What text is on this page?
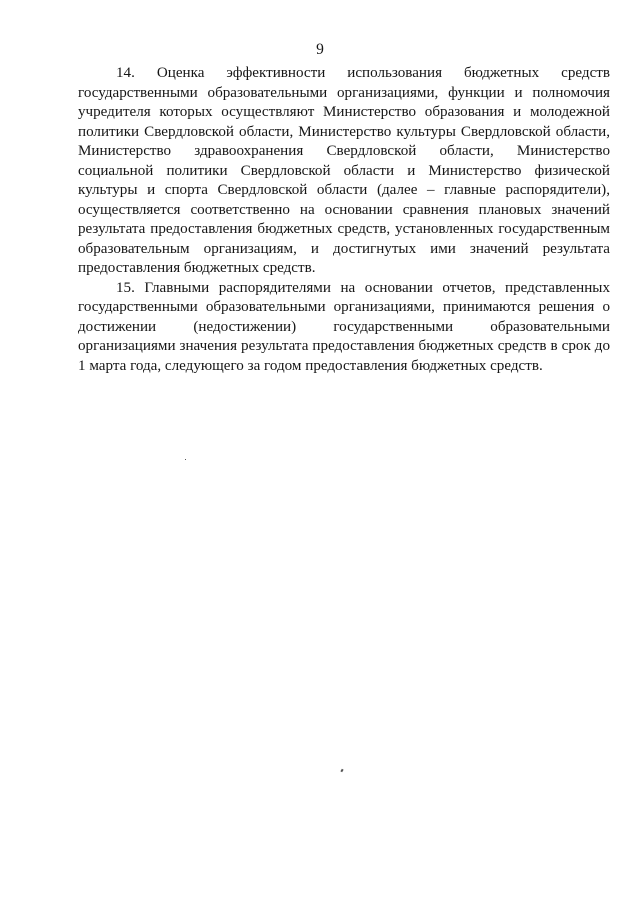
9

14. Оценка эффективности использования бюджетных средств государственными образовательными организациями, функции и полномочия учредителя которых осуществляют Министерство образования и молодежной политики Свердловской области, Министерство культуры Свердловской области, Министерство здравоохранения Свердловской области, Министерство социальной политики Свердловской области и Министерство физической культуры и спорта Свердловской области (далее – главные распорядители), осуществляется соответственно на основании сравнения плановых значений результата предоставления бюджетных средств, установленных государственным образовательным организациям, и достигнутых ими значений результата предоставления бюджетных средств.

15. Главными распорядителями на основании отчетов, представленных государственными образовательными организациями, принимаются решения о достижении (недостижении) государственными образовательными организациями значения результата предоставления бюджетных средств в срок до 1 марта года, следующего за годом предоставления бюджетных средств.
